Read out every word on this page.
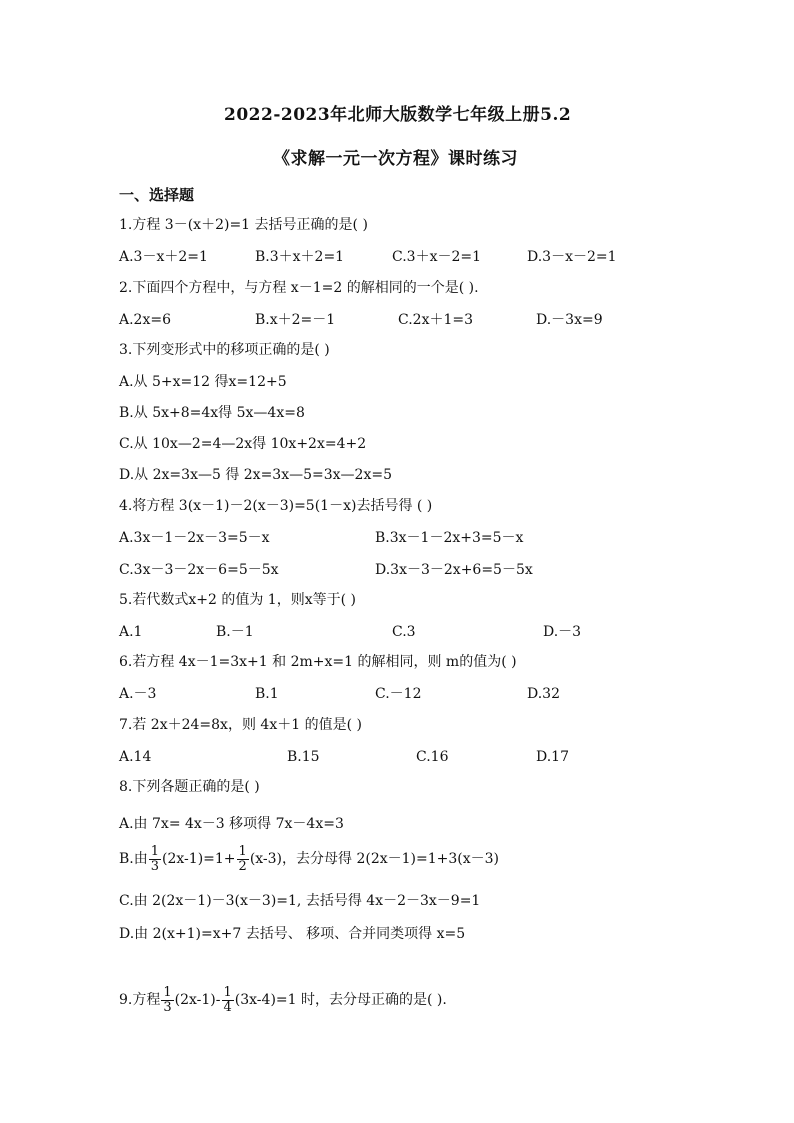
2022-2023年北师大版数学七年级上册5.2
《求解一元一次方程》课时练习
一、选择题
1.方程 3－(x＋2)=1 去括号正确的是( )
A.3－x＋2=1	B.3＋x＋2=1	C.3＋x－2=1	D.3－x－2=1
2.下面四个方程中，与方程 x－1=2 的解相同的一个是( ).
A.2x=6	B.x＋2=－1	C.2x＋1=3	D.－3x=9
3.下列变形式中的移项正确的是( )
A.从 5+x=12 得x=12+5
B.从 5x+8=4x得 5x—4x=8
C.从 10x—2=4—2x得 10x+2x=4+2
D.从 2x=3x—5 得 2x=3x—5=3x—2x=5
4.将方程 3(x－1)－2(x－3)=5(1－x)去括号得 ( )
A.3x－1－2x－3=5－x	B.3x－1－2x+3=5－x
C.3x－3－2x－6=5－5x	D.3x－3－2x+6=5－5x
5.若代数式x+2 的值为 1，则x等于( )
A.1	B.－1	C.3	D.－3
6.若方程 4x－1=3x+1 和 2m+x=1 的解相同，则 m的值为( )
A.－3	B.1	C.－12	D.32
7.若 2x＋24=8x，则 4x＋1 的值是( )
A.14	B.15	C.16	D.17
8.下列各题正确的是( )
A.由 7x= 4x－3 移项得 7x－4x=3
B.由 $\frac{1}{3} (2x-1)=1+ \frac{1}{2} (x-3)$，去分母得 2(2x－1)=1+3(x－3)
C.由 2(2x－1)－3(x－3)=1, 去括号得 4x－2－3x－9=1
D.由 2(x+1)=x+7 去括号、 移项、合并同类项得 x=5
9.方程 $\frac{1}{3} (2x-1)- \frac{1}{4} (3x-4)=1$ 时，去分母正确的是( ).
